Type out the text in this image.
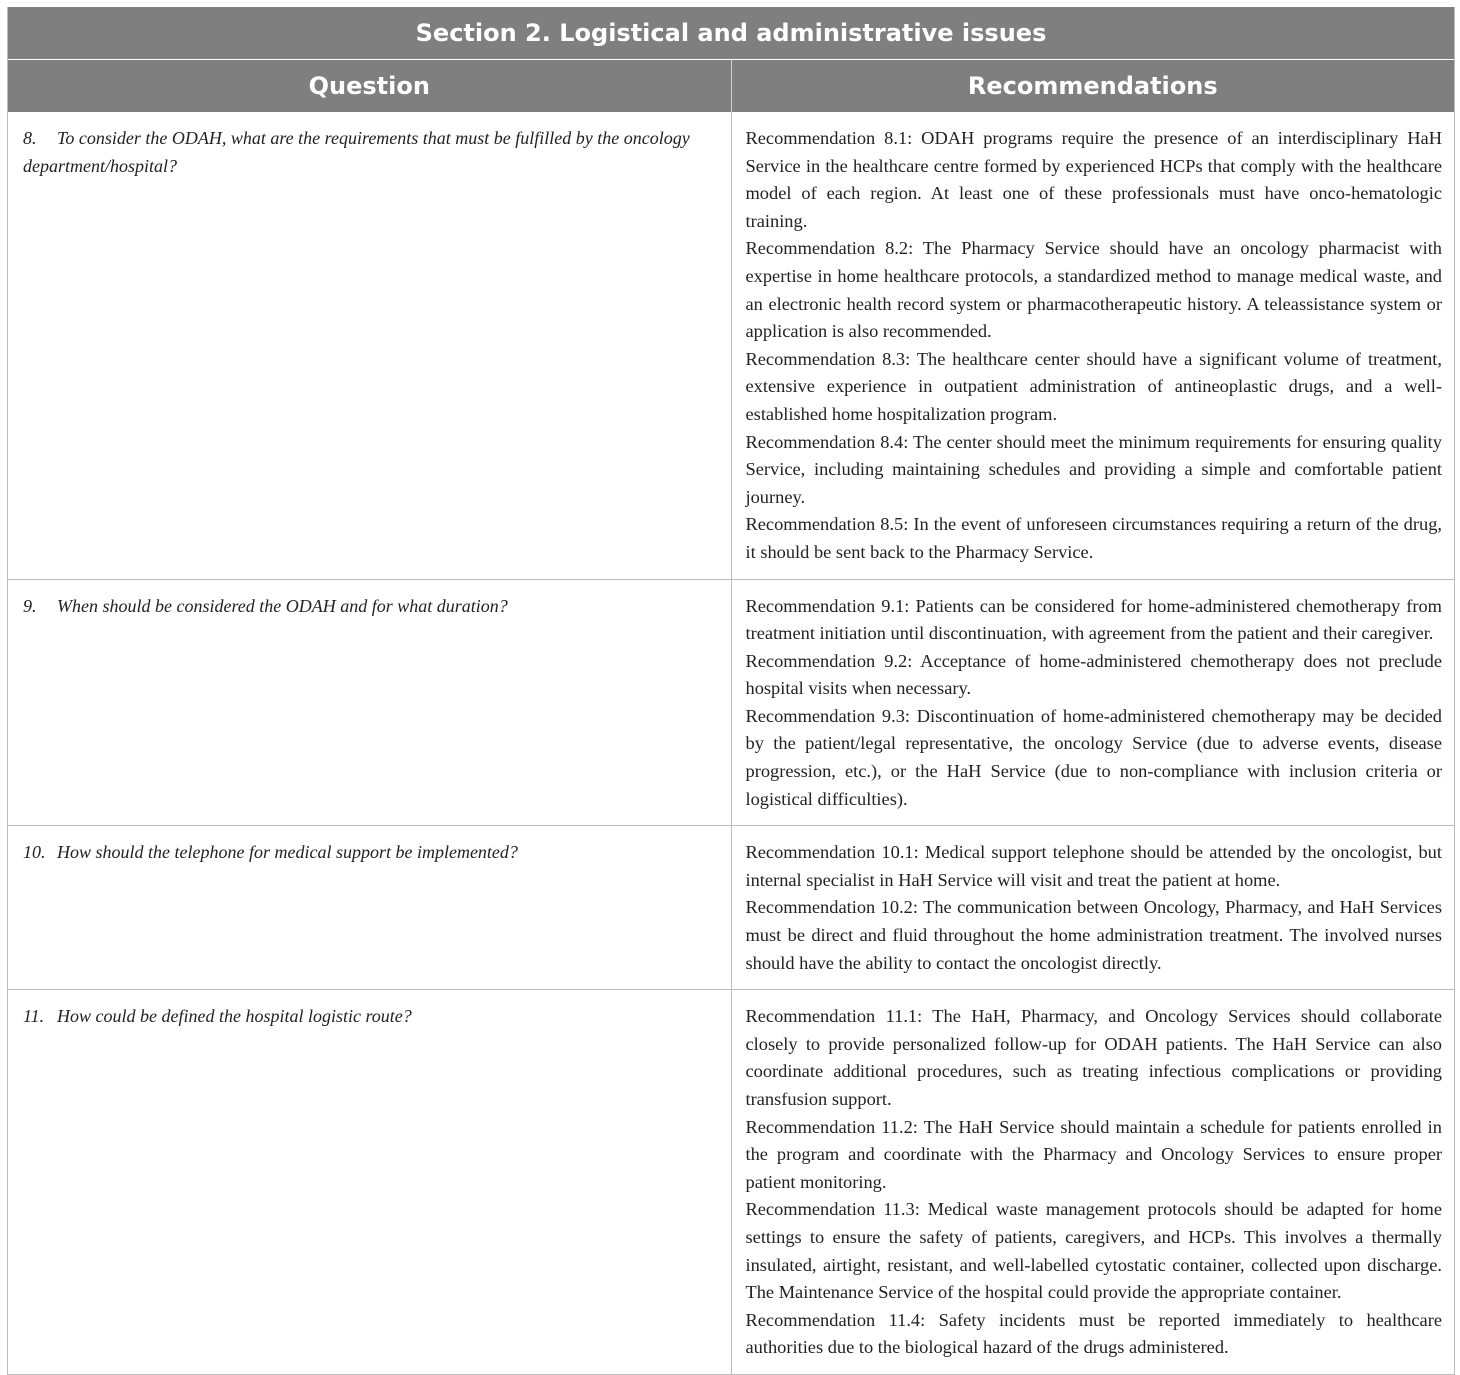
Section 2. Logistical and administrative issues	
Question	Recommendations
8. To consider the ODAH, what are the requirements that must be fulfilled by the oncology department/hospital?	Recommendation 8.1: ODAH programs require the presence of an interdisciplinary HaH Service in the healthcare centre formed by experienced HCPs that comply with the healthcare model of each region. At least one of these professionals must have onco-hematologic training.

Recommendation 8.2: The Pharmacy Service should have an oncology pharmacist with expertise in home healthcare protocols, a standardized method to manage medical waste, and an electronic health record system or pharmacotherapeutic history. A teleassistance system or application is also recommended.

Recommendation 8.3: The healthcare center should have a significant volume of treatment, extensive experience in outpatient administration of antineoplastic drugs, and a well-established home hospitalization program.

Recommendation 8.4: The center should meet the minimum requirements for ensuring quality Service, including maintaining schedules and providing a simple and comfortable patient journey.

Recommendation 8.5: In the event of unforeseen circumstances requiring a return of the drug, it should be sent back to the Pharmacy Service.

9. When should be considered the ODAH and for what duration?	Recommendation 9.1: Patients can be considered for home-administered chemotherapy from treatment initiation until discontinuation, with agreement from the patient and their caregiver.

Recommendation 9.2: Acceptance of home-administered chemotherapy does not preclude hospital visits when necessary.

Recommendation 9.3: Discontinuation of home-administered chemotherapy may be decided by the patient/legal representative, the oncology Service (due to adverse events, disease progression, etc.), or the HaH Service (due to non-compliance with inclusion criteria or logistical difficulties).

10. How should the telephone for medical support be implemented?	Recommendation 10.1: Medical support telephone should be attended by the oncologist, but internal specialist in HaH Service will visit and treat the patient at home.

Recommendation 10.2: The communication between Oncology, Pharmacy, and HaH Services must be direct and fluid throughout the home administration treatment. The involved nurses should have the ability to contact the oncologist directly.

11. How could be defined the hospital logistic route?	Recommendation 11.1: The HaH, Pharmacy, and Oncology Services should collaborate closely to provide personalized follow-up for ODAH patients. The HaH Service can also coordinate additional procedures, such as treating infectious complications or providing transfusion support.

Recommendation 11.2: The HaH Service should maintain a schedule for patients enrolled in the program and coordinate with the Pharmacy and Oncology Services to ensure proper patient monitoring.

Recommendation 11.3: Medical waste management protocols should be adapted for home settings to ensure the safety of patients, caregivers, and HCPs. This involves a thermally insulated, airtight, resistant, and well-labelled cytostatic container, collected upon discharge. The Maintenance Service of the hospital could provide the appropriate container.

Recommendation 11.4: Safety incidents must be reported immediately to healthcare authorities due to the biological hazard of the drugs administered.
